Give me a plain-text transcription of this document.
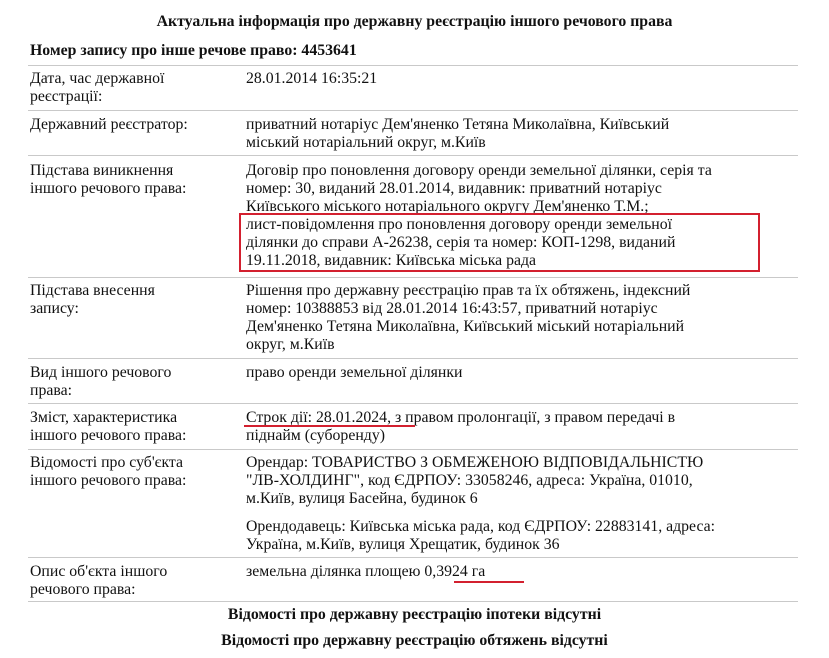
Актуальна інформація про державну реєстрацію іншого речового права
Номер запису про інше речове право: 4453641
Дата, час державної
реєстрації:
28.01.2014 16:35:21
Державний реєстратор:	приватний нотаріус Дем'яненко Тетяна Миколаївна, Київський
міський нотаріальний округ, м.Київ
Підстава виникнення
іншого речового права:
Договір про поновлення договору оренди земельної ділянки, серія та
номер: 30, виданий 28.01.2014, видавник: приватний нотаріус
Київського міського нотаріального округу Дем'яненко Т.М.;
лист-повідомлення про поновлення договору оренди земельної
ділянки до справи А-26238, серія та номер: КОП-1298, виданий
19.11.2018, видавник: Київська міська рада
Підстава внесення
запису:
Рішення про державну реєстрацію прав та їх обтяжень, індексний
номер: 10388853 від 28.01.2014 16:43:57, приватний нотаріус
Дем'яненко Тетяна Миколаївна, Київський міський нотаріальний
округ, м.Київ
Вид іншого речового
права:
право оренди земельної ділянки
Зміст, характеристика
іншого речового права:
Строк дії: 28.01.2024, з правом пролонгації, з правом передачі в
піднайм (суборенду)
Відомості про суб'єкта
іншого речового права:
Орендар: ТОВАРИСТВО З ОБМЕЖЕНОЮ ВІДПОВІДАЛЬНІСТЮ
"ЛВ-ХОЛДИНГ", код ЄДРПОУ: 33058246, адреса: Україна, 01010,
м.Київ, вулиця Басейна, будинок 6
Орендодавець: Київська міська рада, код ЄДРПОУ: 22883141, адреса:
Україна, м.Київ, вулиця Хрещатик, будинок 36
Опис об'єкта іншого
речового права:
земельна ділянка площею 0,3924 га
Відомості про державну реєстрацію іпотеки відсутні
Відомості про державну реєстрацію обтяжень відсутні
